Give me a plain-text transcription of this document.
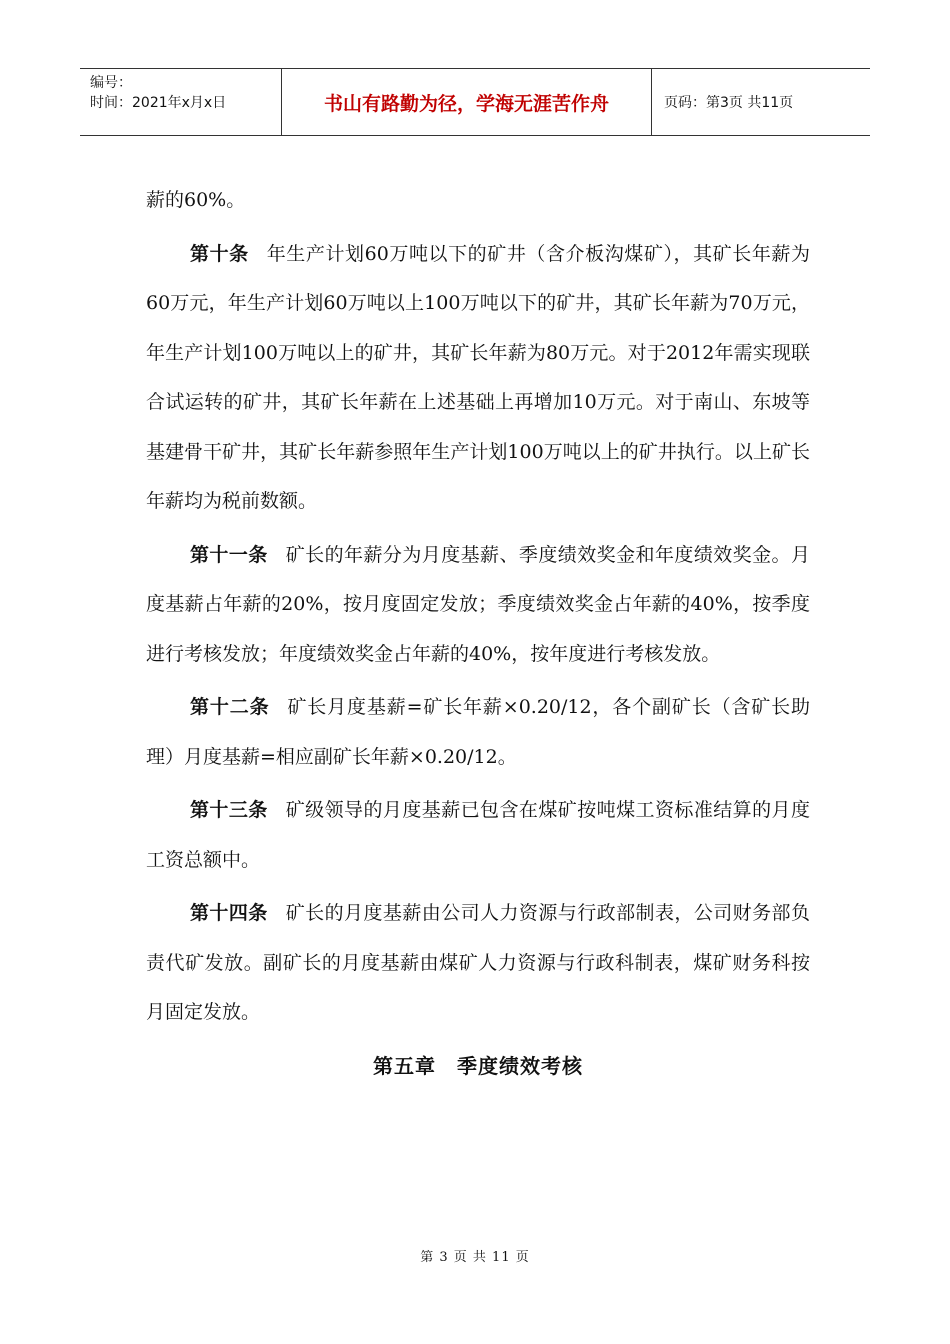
编号：
时间：2021年x月x日	书山有路勤为径，学海无涯苦作舟	页码：第3页 共11页

薪的60%。

第十条 年生产计划60万吨以下的矿井（含介板沟煤矿），其矿长年薪为60万元，年生产计划60万吨以上100万吨以下的矿井，其矿长年薪为70万元，年生产计划100万吨以上的矿井，其矿长年薪为80万元。对于2012年需实现联合试运转的矿井，其矿长年薪在上述基础上再增加10万元。对于南山、东坡等基建骨干矿井，其矿长年薪参照年生产计划100万吨以上的矿井执行。以上矿长年薪均为税前数额。

第十一条 矿长的年薪分为月度基薪、季度绩效奖金和年度绩效奖金。月度基薪占年薪的20%，按月度固定发放；季度绩效奖金占年薪的40%，按季度进行考核发放；年度绩效奖金占年薪的40%，按年度进行考核发放。

第十二条 矿长月度基薪=矿长年薪×0.20/12，各个副矿长（含矿长助理）月度基薪=相应副矿长年薪×0.20/12。

第十三条 矿级领导的月度基薪已包含在煤矿按吨煤工资标准结算的月度工资总额中。

第十四条 矿长的月度基薪由公司人力资源与行政部制表，公司财务部负责代矿发放。副矿长的月度基薪由煤矿人力资源与行政科制表，煤矿财务科按月固定发放。

第五章　季度绩效考核
第 3 页 共 11 页
